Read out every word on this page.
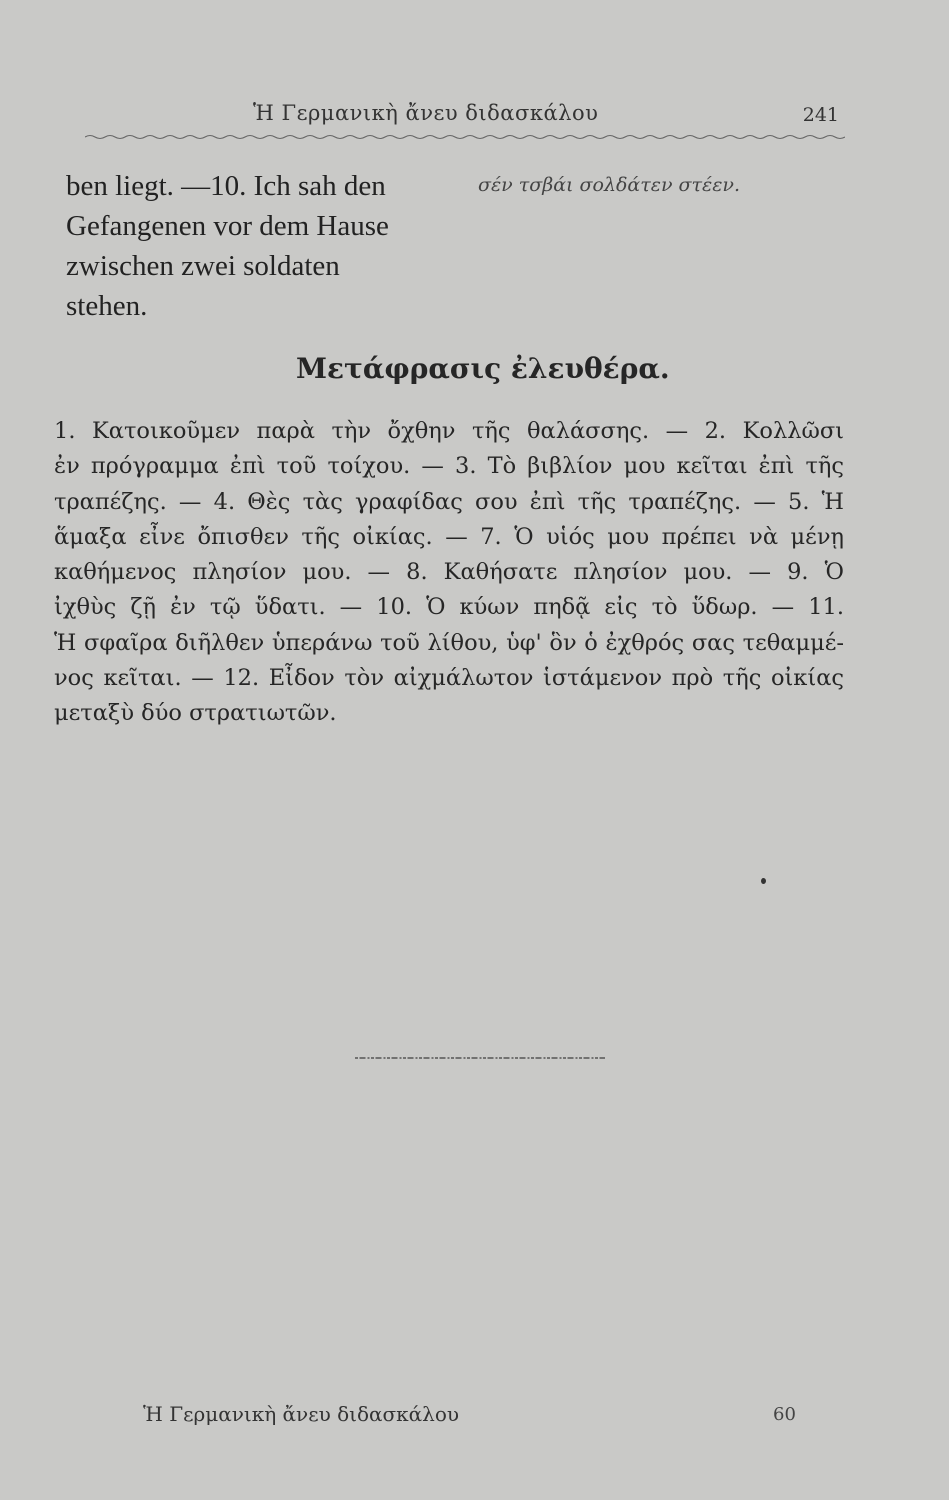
Ἡ Γερμανικὴ ἄνευ διδασκάλου	241
ben liegt. —10. Ich sah den
Gefangenen vor dem Hause
zwischen zwei soldaten
stehen.
σέν τσβάι σολδάτεν στέεν.
Μετάφρασις ἐλευθέρα.
1. Κατοικοῦμεν παρὰ τὴν ὄχθην τῆς θαλάσσης. — 2. Κολλῶσι
ἐν πρόγραμμα ἐπὶ τοῦ τοίχου. — 3. Τὸ βιβλίον μου κεῖται ἐπὶ τῆς
τραπέζης. — 4. Θὲς τὰς γραφίδας σου ἐπὶ τῆς τραπέζης. — 5. Ἡ
ἅμαξα εἶνε ὄπισθεν τῆς οἰκίας. — 7. Ὁ υἱός μου πρέπει νὰ μένῃ
καθήμενος πλησίον μου. — 8. Καθήσατε πλησίον μου. — 9. Ὁ
ἰχθὺς ζῇ ἐν τῷ ὕδατι. — 10. Ὁ κύων πηδᾷ εἰς τὸ ὕδωρ. — 11.
Ἡ σφαῖρα διῆλθεν ὑπεράνω τοῦ λίθου, ὑφ' ὃν ὁ ἐχθρός σας τεθαμμέ-
νος κεῖται. — 12. Εἶδον τὸν αἰχμάλωτον ἱστάμενον πρὸ τῆς οἰκίας
μεταξὺ δύο στρατιωτῶν.
Ἡ Γερμανικὴ ἄνευ διδασκάλου	60
